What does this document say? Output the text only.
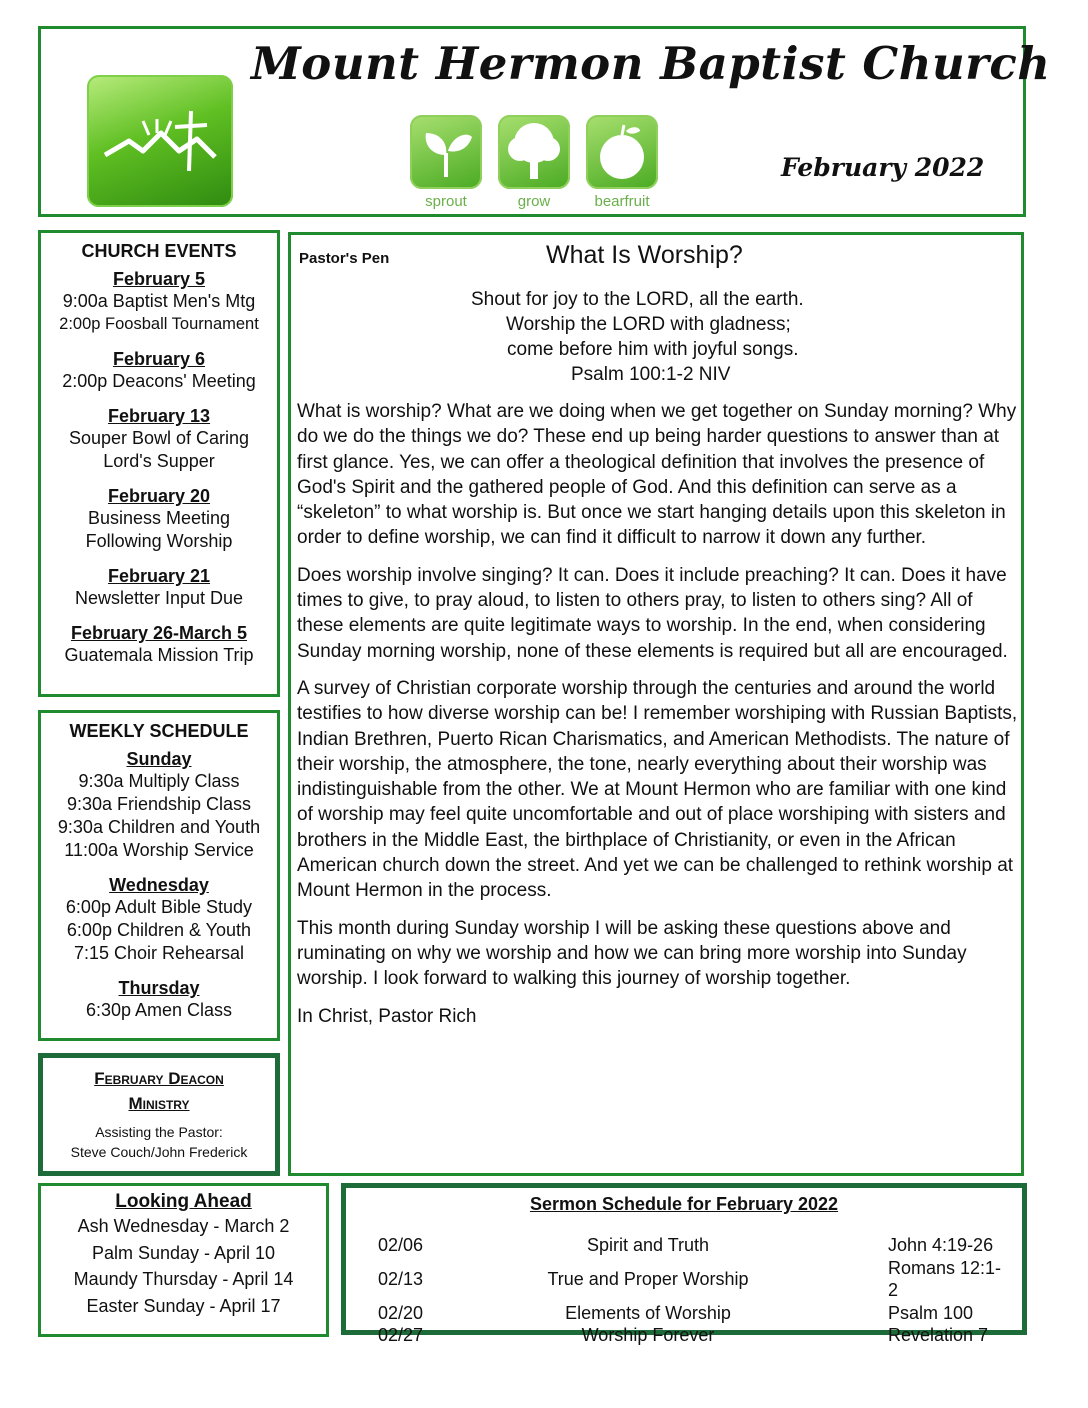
Mount Hermon Baptist Church
sprout	grow	bearfruit
February 2022
CHURCH EVENTS
February 5
9:00a Baptist Men's Mtg
2:00p Foosball Tournament
February 6
2:00p Deacons' Meeting
February 13
Souper Bowl of Caring
Lord's Supper
February 20
Business Meeting
Following Worship
February 21
Newsletter Input Due
February 26-March 5
Guatemala Mission Trip
WEEKLY SCHEDULE
Sunday
9:30a Multiply Class
9:30a Friendship Class
9:30a Children and Youth
11:00a Worship Service
Wednesday
6:00p Adult Bible Study
6:00p Children & Youth
7:15 Choir Rehearsal
Thursday
6:30p Amen Class
February Deacon
Ministry
Assisting the Pastor:
Steve Couch/John Frederick
Pastor's Pen	What Is Worship?
Shout for joy to the LORD, all the earth.
Worship the LORD with gladness;
come before him with joyful songs.
Psalm 100:1-2 NIV

What is worship? What are we doing when we get together on Sunday morning? Why do we do the things we do? These end up being harder questions to answer than at first glance. Yes, we can offer a theological definition that involves the presence of God's Spirit and the gathered people of God. And this definition can serve as a “skeleton” to what worship is. But once we start hanging details upon this skeleton in order to define worship, we can find it difficult to narrow it down any further.

Does worship involve singing? It can. Does it include preaching? It can. Does it have times to give, to pray aloud, to listen to others pray, to listen to others sing? All of these elements are quite legitimate ways to worship. In the end, when considering Sunday morning worship, none of these elements is required but all are encouraged.

A survey of Christian corporate worship through the centuries and around the world testifies to how diverse worship can be! I remember worshiping with Russian Baptists, Indian Brethren, Puerto Rican Charismatics, and American Methodists. The nature of their worship, the atmosphere, the tone, nearly everything about their worship was indistinguishable from the other. We at Mount Hermon who are familiar with one kind of worship may feel quite uncomfortable and out of place worshiping with sisters and brothers in the Middle East, the birthplace of Christianity, or even in the African American church down the street. And yet we can be challenged to rethink worship at Mount Hermon in the process.

This month during Sunday worship I will be asking these questions above and ruminating on why we worship and how we can bring more worship into Sunday worship. I look forward to walking this journey of worship together.

In Christ, Pastor Rich

Looking Ahead
Ash Wednesday - March 2
Palm Sunday - April 10
Maundy Thursday - April 14
Easter Sunday - April 17
Sermon Schedule for February 2022
02/06	Spirit and Truth	John 4:19-26
02/13	True and Proper Worship	Romans 12:1-2
02/20	Elements of Worship	Psalm 100
02/27	Worship Forever	Revelation 7
